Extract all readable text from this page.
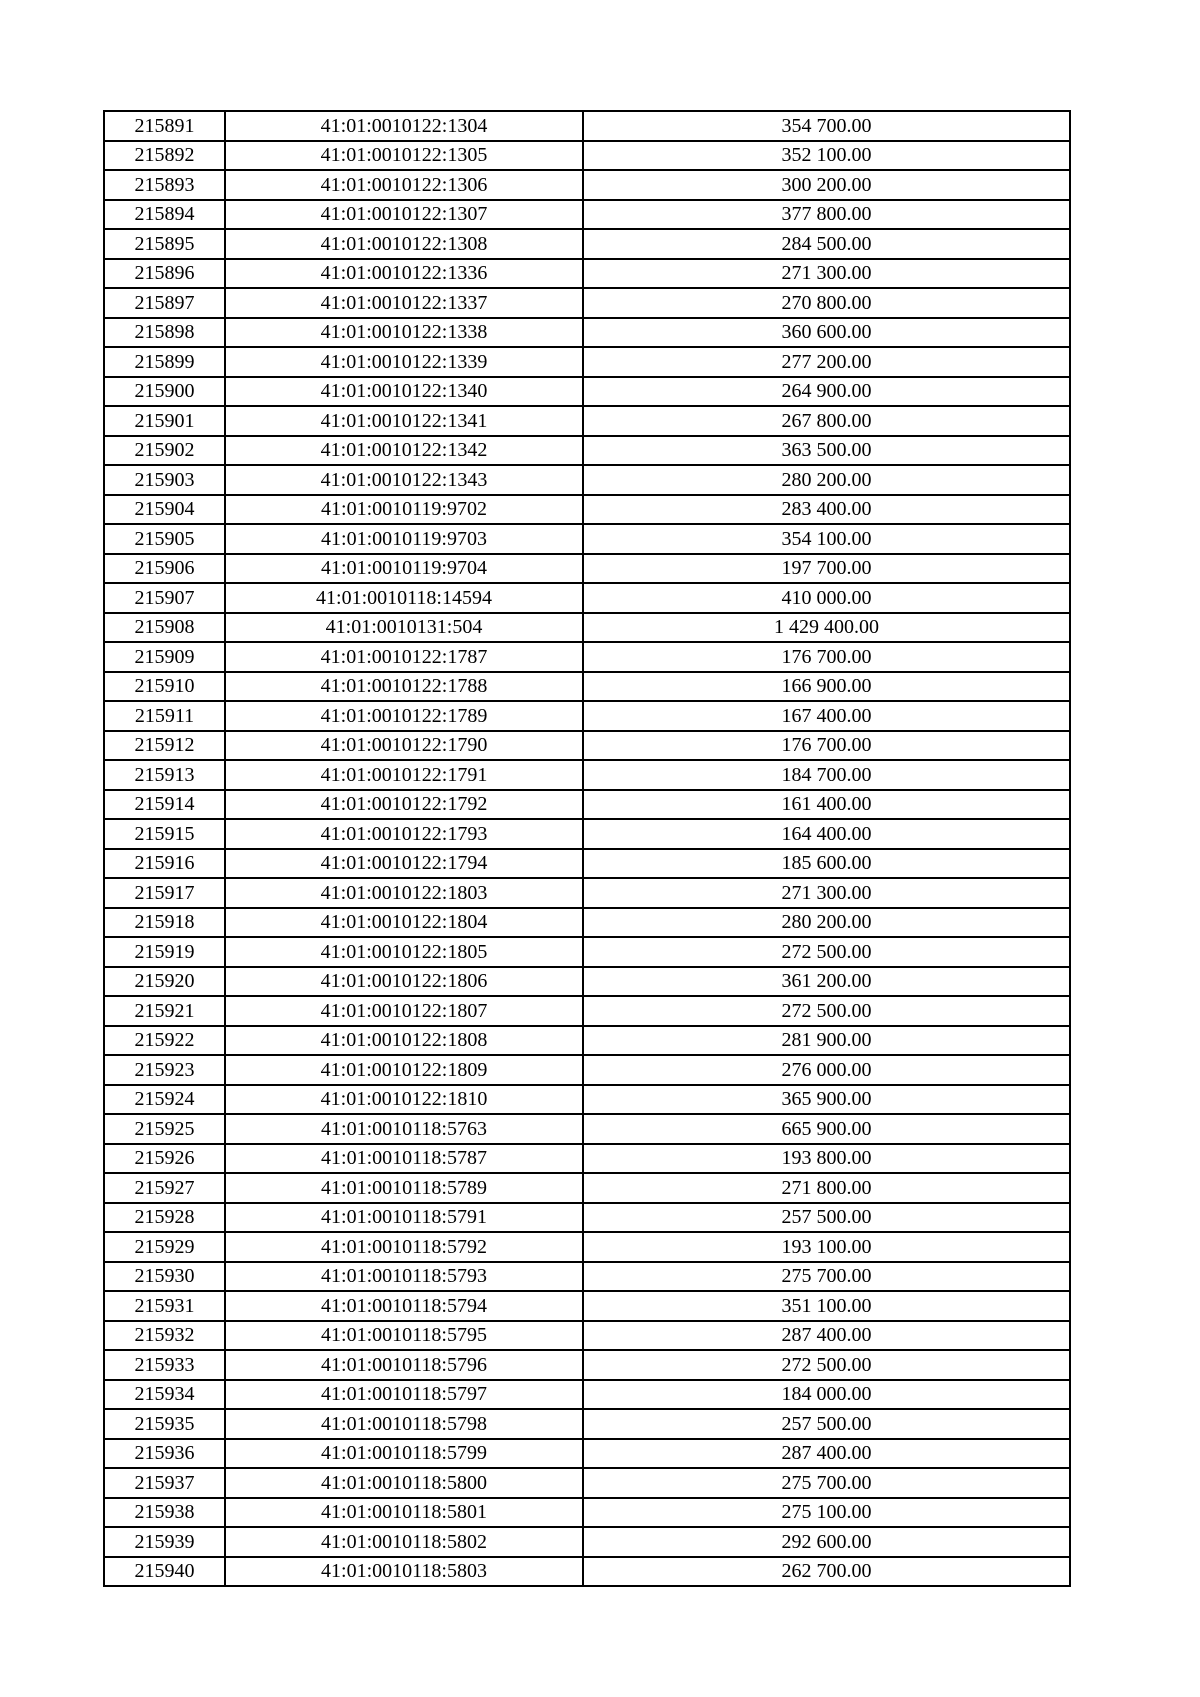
215891	41:01:0010122:1304	354 700.00
215892	41:01:0010122:1305	352 100.00
215893	41:01:0010122:1306	300 200.00
215894	41:01:0010122:1307	377 800.00
215895	41:01:0010122:1308	284 500.00
215896	41:01:0010122:1336	271 300.00
215897	41:01:0010122:1337	270 800.00
215898	41:01:0010122:1338	360 600.00
215899	41:01:0010122:1339	277 200.00
215900	41:01:0010122:1340	264 900.00
215901	41:01:0010122:1341	267 800.00
215902	41:01:0010122:1342	363 500.00
215903	41:01:0010122:1343	280 200.00
215904	41:01:0010119:9702	283 400.00
215905	41:01:0010119:9703	354 100.00
215906	41:01:0010119:9704	197 700.00
215907	41:01:0010118:14594	410 000.00
215908	41:01:0010131:504	1 429 400.00
215909	41:01:0010122:1787	176 700.00
215910	41:01:0010122:1788	166 900.00
215911	41:01:0010122:1789	167 400.00
215912	41:01:0010122:1790	176 700.00
215913	41:01:0010122:1791	184 700.00
215914	41:01:0010122:1792	161 400.00
215915	41:01:0010122:1793	164 400.00
215916	41:01:0010122:1794	185 600.00
215917	41:01:0010122:1803	271 300.00
215918	41:01:0010122:1804	280 200.00
215919	41:01:0010122:1805	272 500.00
215920	41:01:0010122:1806	361 200.00
215921	41:01:0010122:1807	272 500.00
215922	41:01:0010122:1808	281 900.00
215923	41:01:0010122:1809	276 000.00
215924	41:01:0010122:1810	365 900.00
215925	41:01:0010118:5763	665 900.00
215926	41:01:0010118:5787	193 800.00
215927	41:01:0010118:5789	271 800.00
215928	41:01:0010118:5791	257 500.00
215929	41:01:0010118:5792	193 100.00
215930	41:01:0010118:5793	275 700.00
215931	41:01:0010118:5794	351 100.00
215932	41:01:0010118:5795	287 400.00
215933	41:01:0010118:5796	272 500.00
215934	41:01:0010118:5797	184 000.00
215935	41:01:0010118:5798	257 500.00
215936	41:01:0010118:5799	287 400.00
215937	41:01:0010118:5800	275 700.00
215938	41:01:0010118:5801	275 100.00
215939	41:01:0010118:5802	292 600.00
215940	41:01:0010118:5803	262 700.00
